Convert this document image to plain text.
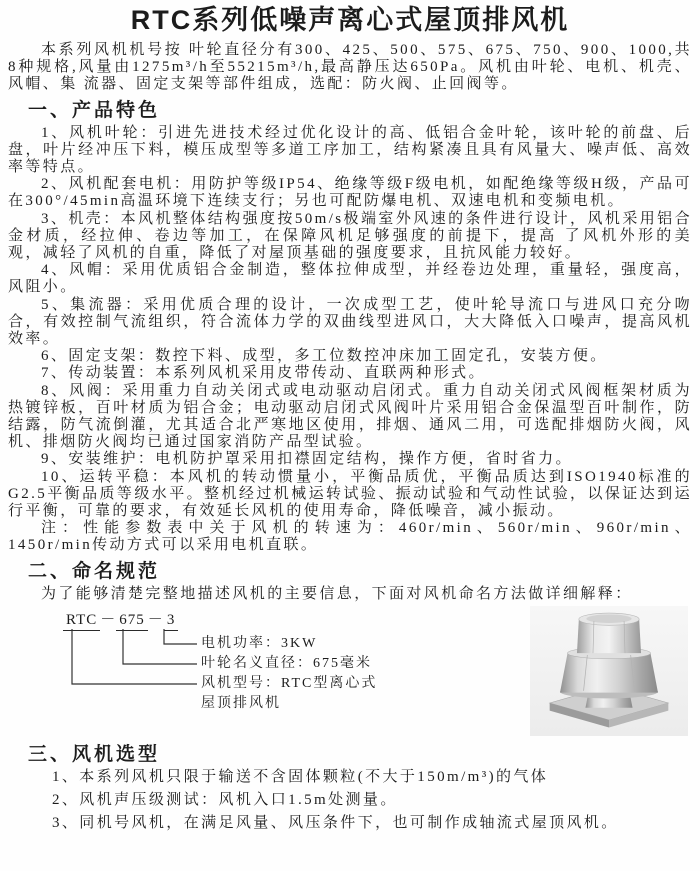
RTC系列低噪声离心式屋顶排风机

本系列风机机号按 叶轮直径分有300、425、500、575、675、750、900、1000,共8种规格,风量由1275m³/h至55215m³/h,最高静压达650Pa。风机由叶轮、电机、机壳、风帽、集 流器、固定支架等部件组成，选配：防火阀、止回阀等。

一、产品特色

1、风机叶轮：引进先进技术经过优化设计的高、低铝合金叶轮，该叶轮的前盘、后盘，叶片经冲压下料，模压成型等多道工序加工，结构紧凑且具有风量大、噪声低、高效率等特点。

2、风机配套电机：用防护等级IP54、绝缘等级F级电机，如配绝缘等级H级，产品可在300°/45min高温环境下连续支行；另也可配防爆电机、双速电机和变频电机。

3、机壳：本风机整体结构强度按50m/s极端室外风速的条件进行设计，风机采用铝合金材质，经拉伸、卷边等加工，在保障风机足够强度的前提下，提高 了风机外形的美观，减轻了风机的自重，降低了对屋顶基础的强度要求，且抗风能力较好。

4、风帽：采用优质铝合金制造，整体拉伸成型，并经卷边处理，重量轻，强度高，风阻小。

5、集流器：采用优质合理的设计，一次成型工艺，使叶轮导流口与进风口充分吻合，有效控制气流组织，符合流体力学的双曲线型进风口，大大降低入口噪声，提高风机效率。

6、固定支架：数控下料、成型，多工位数控冲床加工固定孔，安装方便。

7、传动装置：本系列风机采用皮带传动、直联两种形式。

8、风阀：采用重力自动关闭式或电动驱动启闭式。重力自动关闭式风阀框架材质为热镀锌板，百叶材质为铝合金；电动驱动启闭式风阀叶片采用铝合金保温型百叶制作，防结露，防气流倒灌，尤其适合北严寒地区使用，排烟、通风二用，可选配排烟防火阀，风机、排烟防火阀均已通过国家消防产品型试验。

9、安装维护：电机防护罩采用扣襟固定结构，操作方便，省时省力。

10、运转平稳：本风机的转动惯量小，平衡品质优，平衡品质达到ISO1940标准的G2.5平衡品质等级水平。整机经过机械运转试验、振动试验和气动性试验，以保证达到运行平衡，可靠的要求，有效延长风机的使用寿命，降低噪音，减小振动。

注：性能参数表中关于风机的转速为：460r/min、560r/min、960r/min、1450r/min传动方式可以采用电机直联。

二、命名规范

为了能够清楚完整地描述风机的主要信息，下面对风机命名方法做详细解释：

RTC － 675 － 3
电机功率：3KW
叶轮名义直径：675毫米
风机型号：RTC型离心式
屋顶排风机
三、风机选型

1、本系列风机只限于输送不含固体颗粒(不大于150m/m³)的气体

2、风机声压级测试：风机入口1.5m处测量。

3、同机号风机，在满足风量、风压条件下，也可制作成轴流式屋顶风机。
